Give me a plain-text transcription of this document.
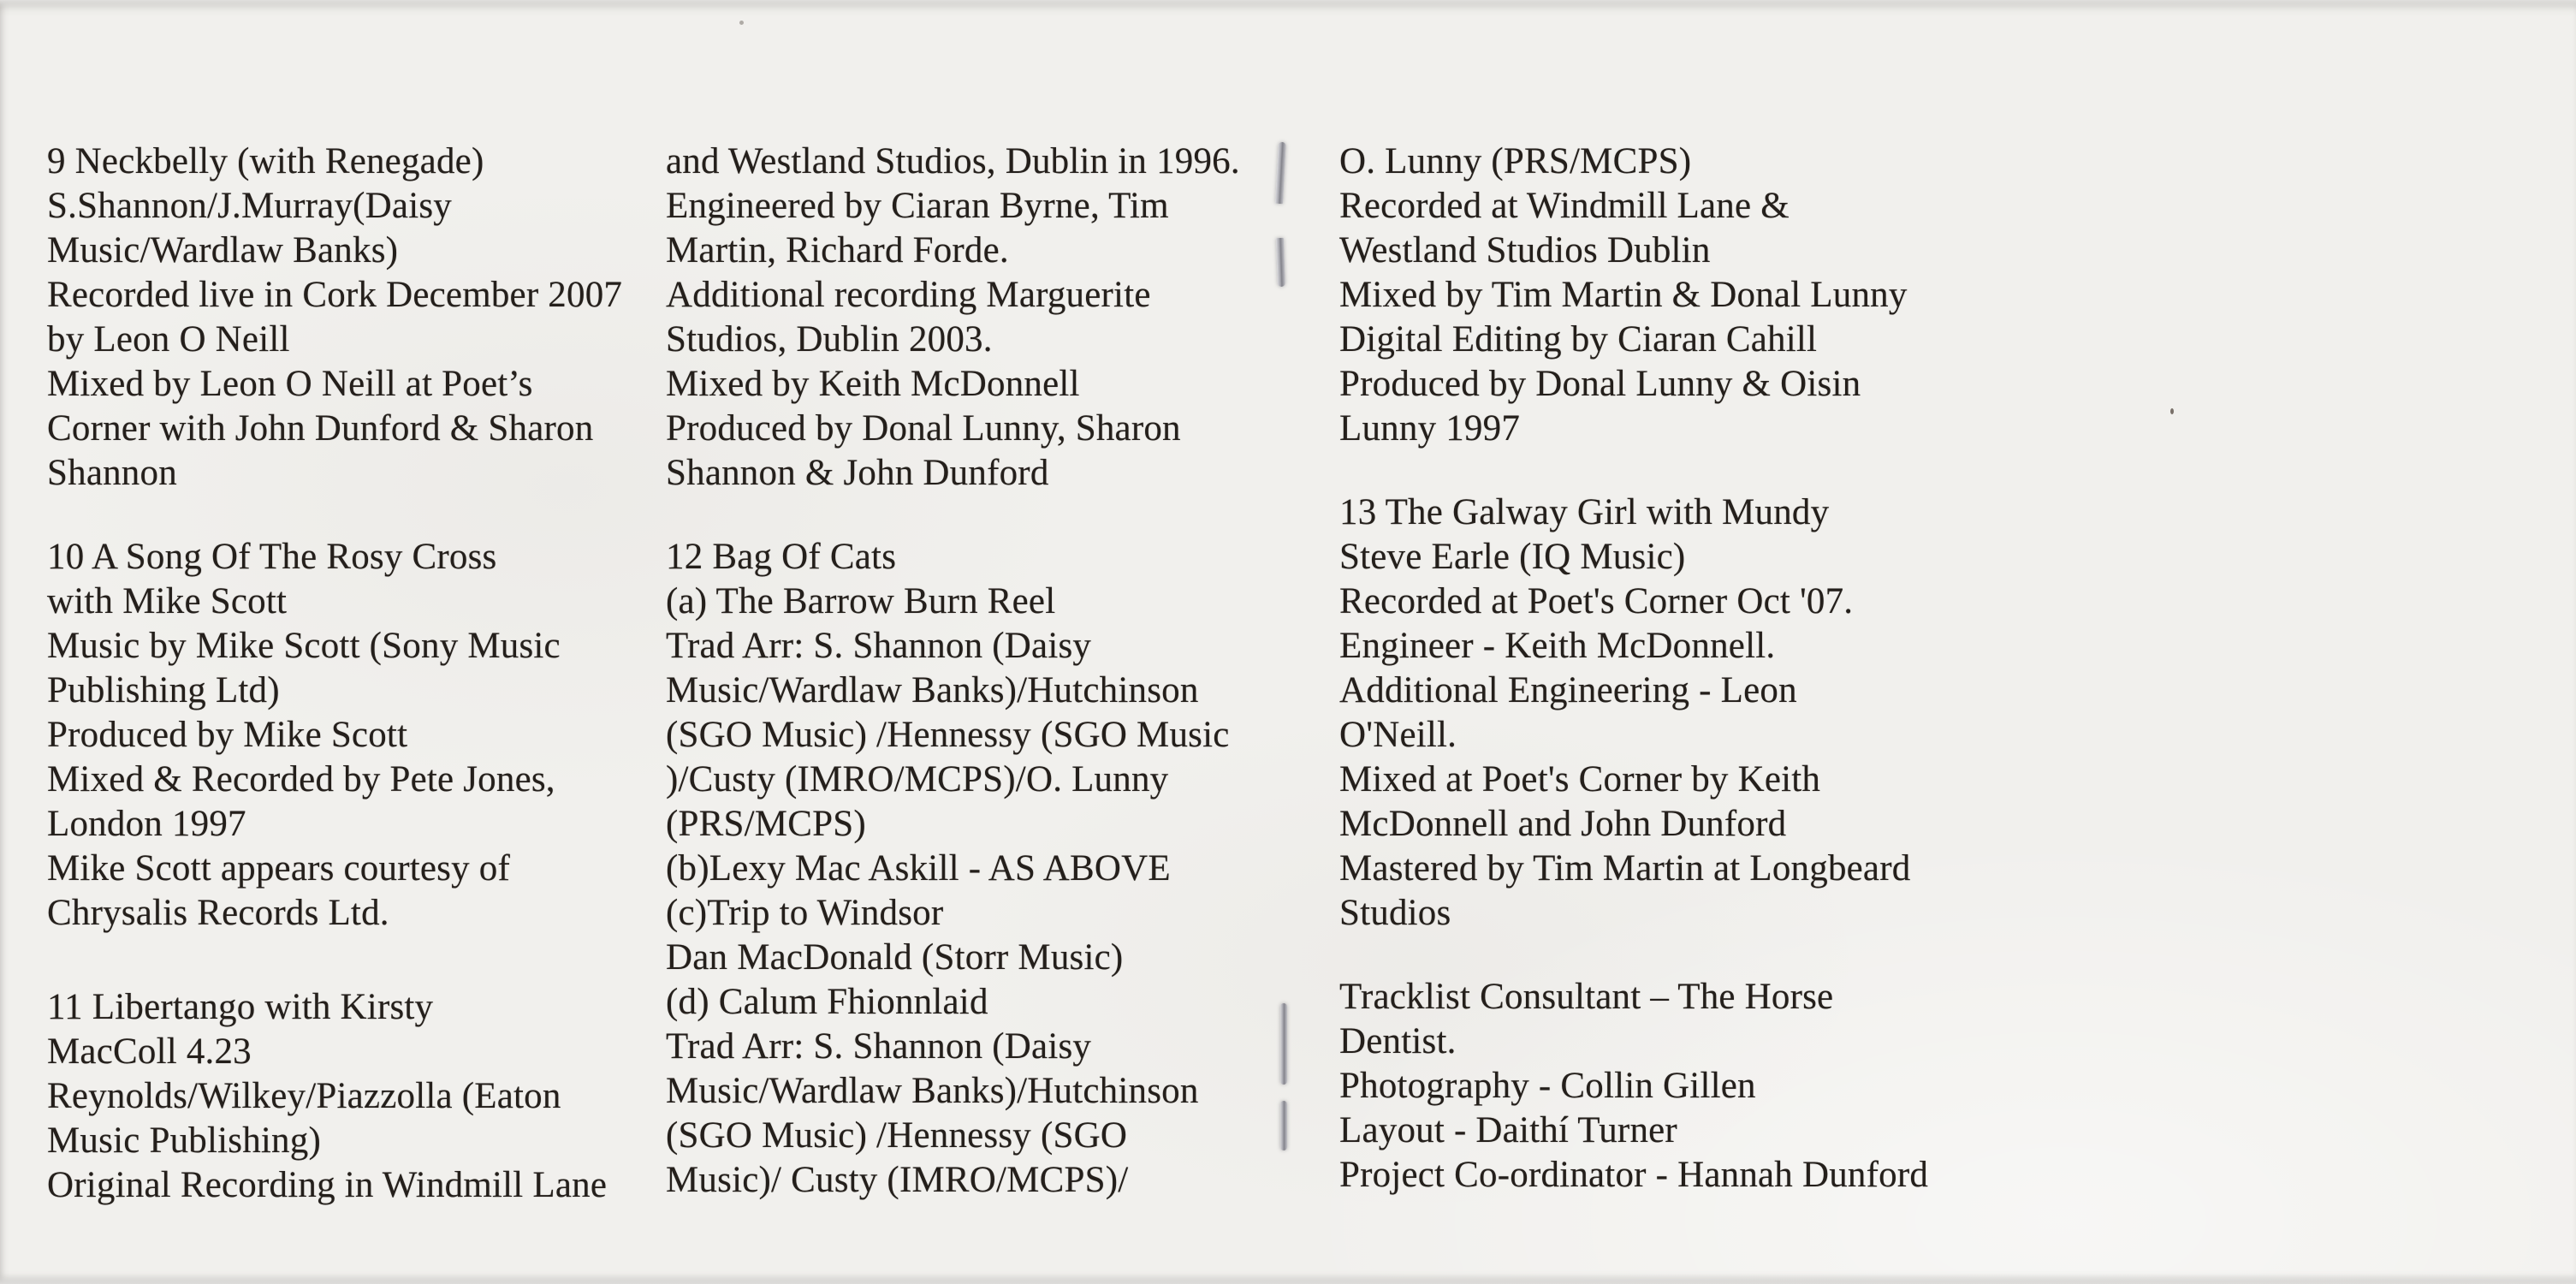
9 Neckbelly (with Renegade)
S.Shannon/J.Murray(Daisy
Music/Wardlaw Banks)
Recorded live in Cork December 2007
by Leon O Neill
Mixed by Leon O Neill at Poet’s
Corner with John Dunford & Sharon
Shannon
10 A Song Of The Rosy Cross
with Mike Scott
Music by Mike Scott (Sony Music
Publishing Ltd)
Produced by Mike Scott
Mixed & Recorded by Pete Jones,
London 1997
Mike Scott appears courtesy of
Chrysalis Records Ltd.
11 Libertango with Kirsty
MacColl 4.23
Reynolds/Wilkey/Piazzolla (Eaton
Music Publishing)
Original Recording in Windmill Lane
and Westland Studios, Dublin in 1996.
Engineered by Ciaran Byrne, Tim
Martin, Richard Forde.
Additional recording Marguerite
Studios, Dublin 2003.
Mixed by Keith McDonnell
Produced by Donal Lunny, Sharon
Shannon & John Dunford
12 Bag Of Cats
(a) The Barrow Burn Reel
Trad Arr: S. Shannon (Daisy
Music/Wardlaw Banks)/Hutchinson
(SGO Music) /Hennessy (SGO Music
)/Custy (IMRO/MCPS)/O. Lunny
(PRS/MCPS)
(b)Lexy Mac Askill - AS ABOVE
(c)Trip to Windsor
Dan MacDonald (Storr Music)
(d) Calum Fhionnlaid
Trad Arr: S. Shannon (Daisy
Music/Wardlaw Banks)/Hutchinson
(SGO Music) /Hennessy (SGO
Music)/ Custy (IMRO/MCPS)/
O. Lunny (PRS/MCPS)
Recorded at Windmill Lane &
Westland Studios Dublin
Mixed by Tim Martin & Donal Lunny
Digital Editing by Ciaran Cahill
Produced by Donal Lunny & Oisin
Lunny 1997
13 The Galway Girl with Mundy
Steve Earle (IQ Music)
Recorded at Poet's Corner Oct '07.
Engineer - Keith McDonnell.
Additional Engineering - Leon
O'Neill.
Mixed at Poet's Corner by Keith
McDonnell and John Dunford
Mastered by Tim Martin at Longbeard
Studios
Tracklist Consultant – The Horse
Dentist.
Photography - Collin Gillen
Layout - Daithí Turner
Project Co-ordinator - Hannah Dunford
